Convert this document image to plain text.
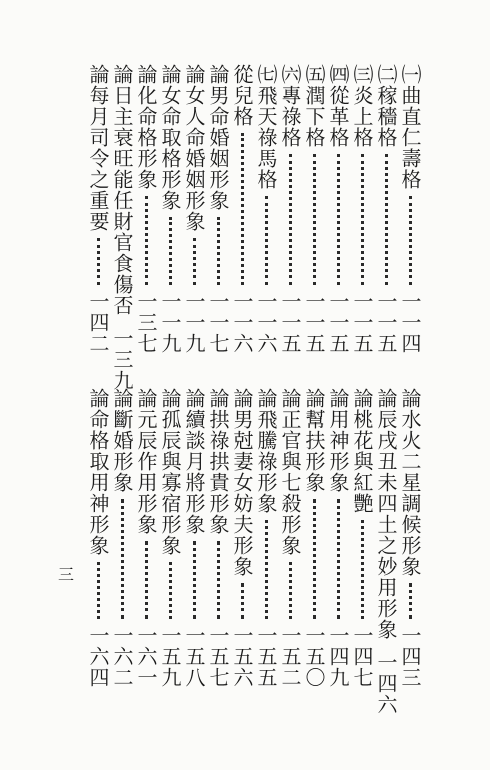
㈠曲直仁壽格
一一四
㈡稼穡格
一一五
㈢炎上格
一一五
㈣從革格
一一五
㈤潤下格
一一五
㈥專祿格
一一五
㈦飛天祿馬格
一一六
從兒格
一一六
論男命婚姻形象
一一七
論女人命婚姻形象
一一九
論女命取格形象
一一九
論化命格形象
一三七
論日主衰旺能任財官食傷否
一三九
論每月司令之重要
一四二
論水火二星調候形象
一四三
論辰戌丑未四土之妙用形象
一四六
論桃花與紅艷
一四七
論用神形象
一四九
論幫扶形象
一五〇
論正官與七殺形象
一五二
論飛騰祿形象
一五五
論男尅妻女妨夫形象
一五六
論拱祿拱貴形象
一五七
論續談月將形象
一五八
論孤辰與寡宿形象
一五九
論元辰作用形象
一六一
論斷婚形象
一六二
論命格取用神形象
一六四
三
